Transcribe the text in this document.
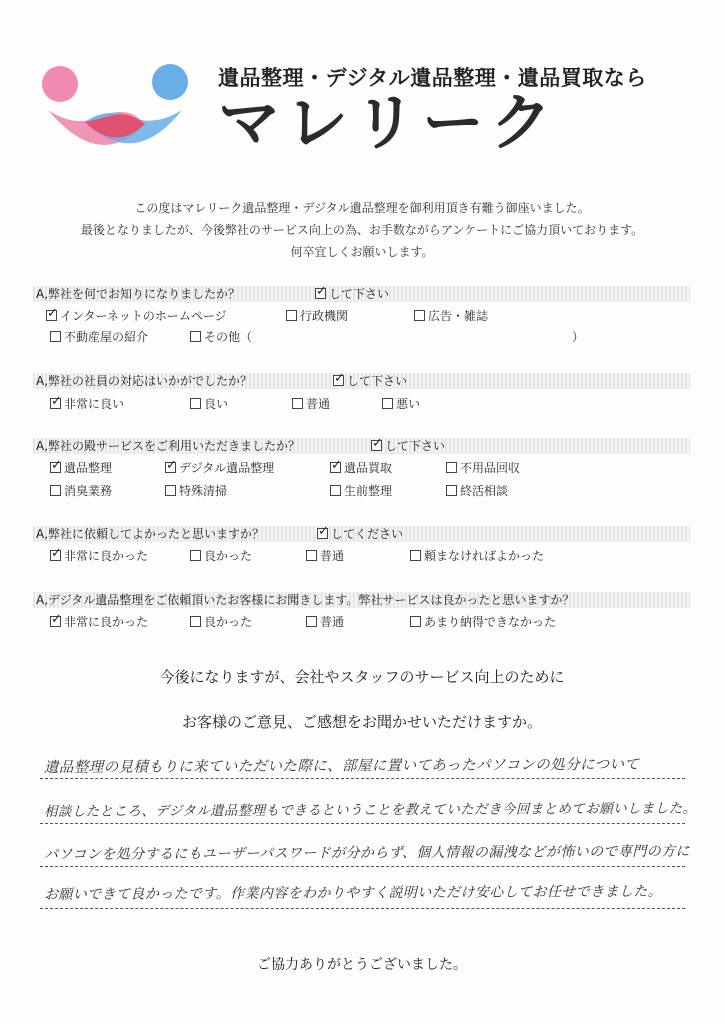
遺品整理・デジタル遺品整理・遺品買取なら
マレリーク
この度はマレリーク遺品整理・デジタル遺品整理を御利用頂き有難う御座いました。
最後となりましたが、今後弊社のサービス向上の為、お手数ながらアンケートにご協力頂いております。
何卒宜しくお願いします。
A,弊社を何でお知りになりましたか？ ✓	して下さい
✓インターネットのホームページ	行政機関	広告・雑誌
不動産屋の紹介	その他（	）
A,弊社の社員の対応はいかがでしたか？ ✓	して下さい
✓非常に良い	良い	普通	悪い
A,弊社の殿サービスをご利用いただきましたか？ ✓	して下さい
✓遺品整理 ✓	デジタル遺品整理 ✓	遺品買取	不用品回収
消臭業務	特殊清掃	生前整理	終活相談
A,弊社に依頼してよかったと思いますか？ ✓	してください
✓非常に良かった	良かった	普通	頼まなければよかった
A,デジタル遺品整理をご依頼頂いたお客様にお聞きします。弊社サービスは良かったと思いますか？
✓非常に良かった	良かった	普通	あまり納得できなかった
今後になりますが、会社やスタッフのサービス向上のために
お客様のご意見、ご感想をお聞かせいただけますか。
遺品整理の見積もりに来ていただいた際に、部屋に置いてあったパソコンの処分について
相談したところ、デジタル遺品整理もできるということを教えていただき今回まとめてお願いしました。
パソコンを処分するにもユーザーパスワードが分からず、個人情報の漏洩などが怖いので専門の方に
お願いできて良かったです。作業内容をわかりやすく説明いただけ安心してお任せできました。
ご協力ありがとうございました。
